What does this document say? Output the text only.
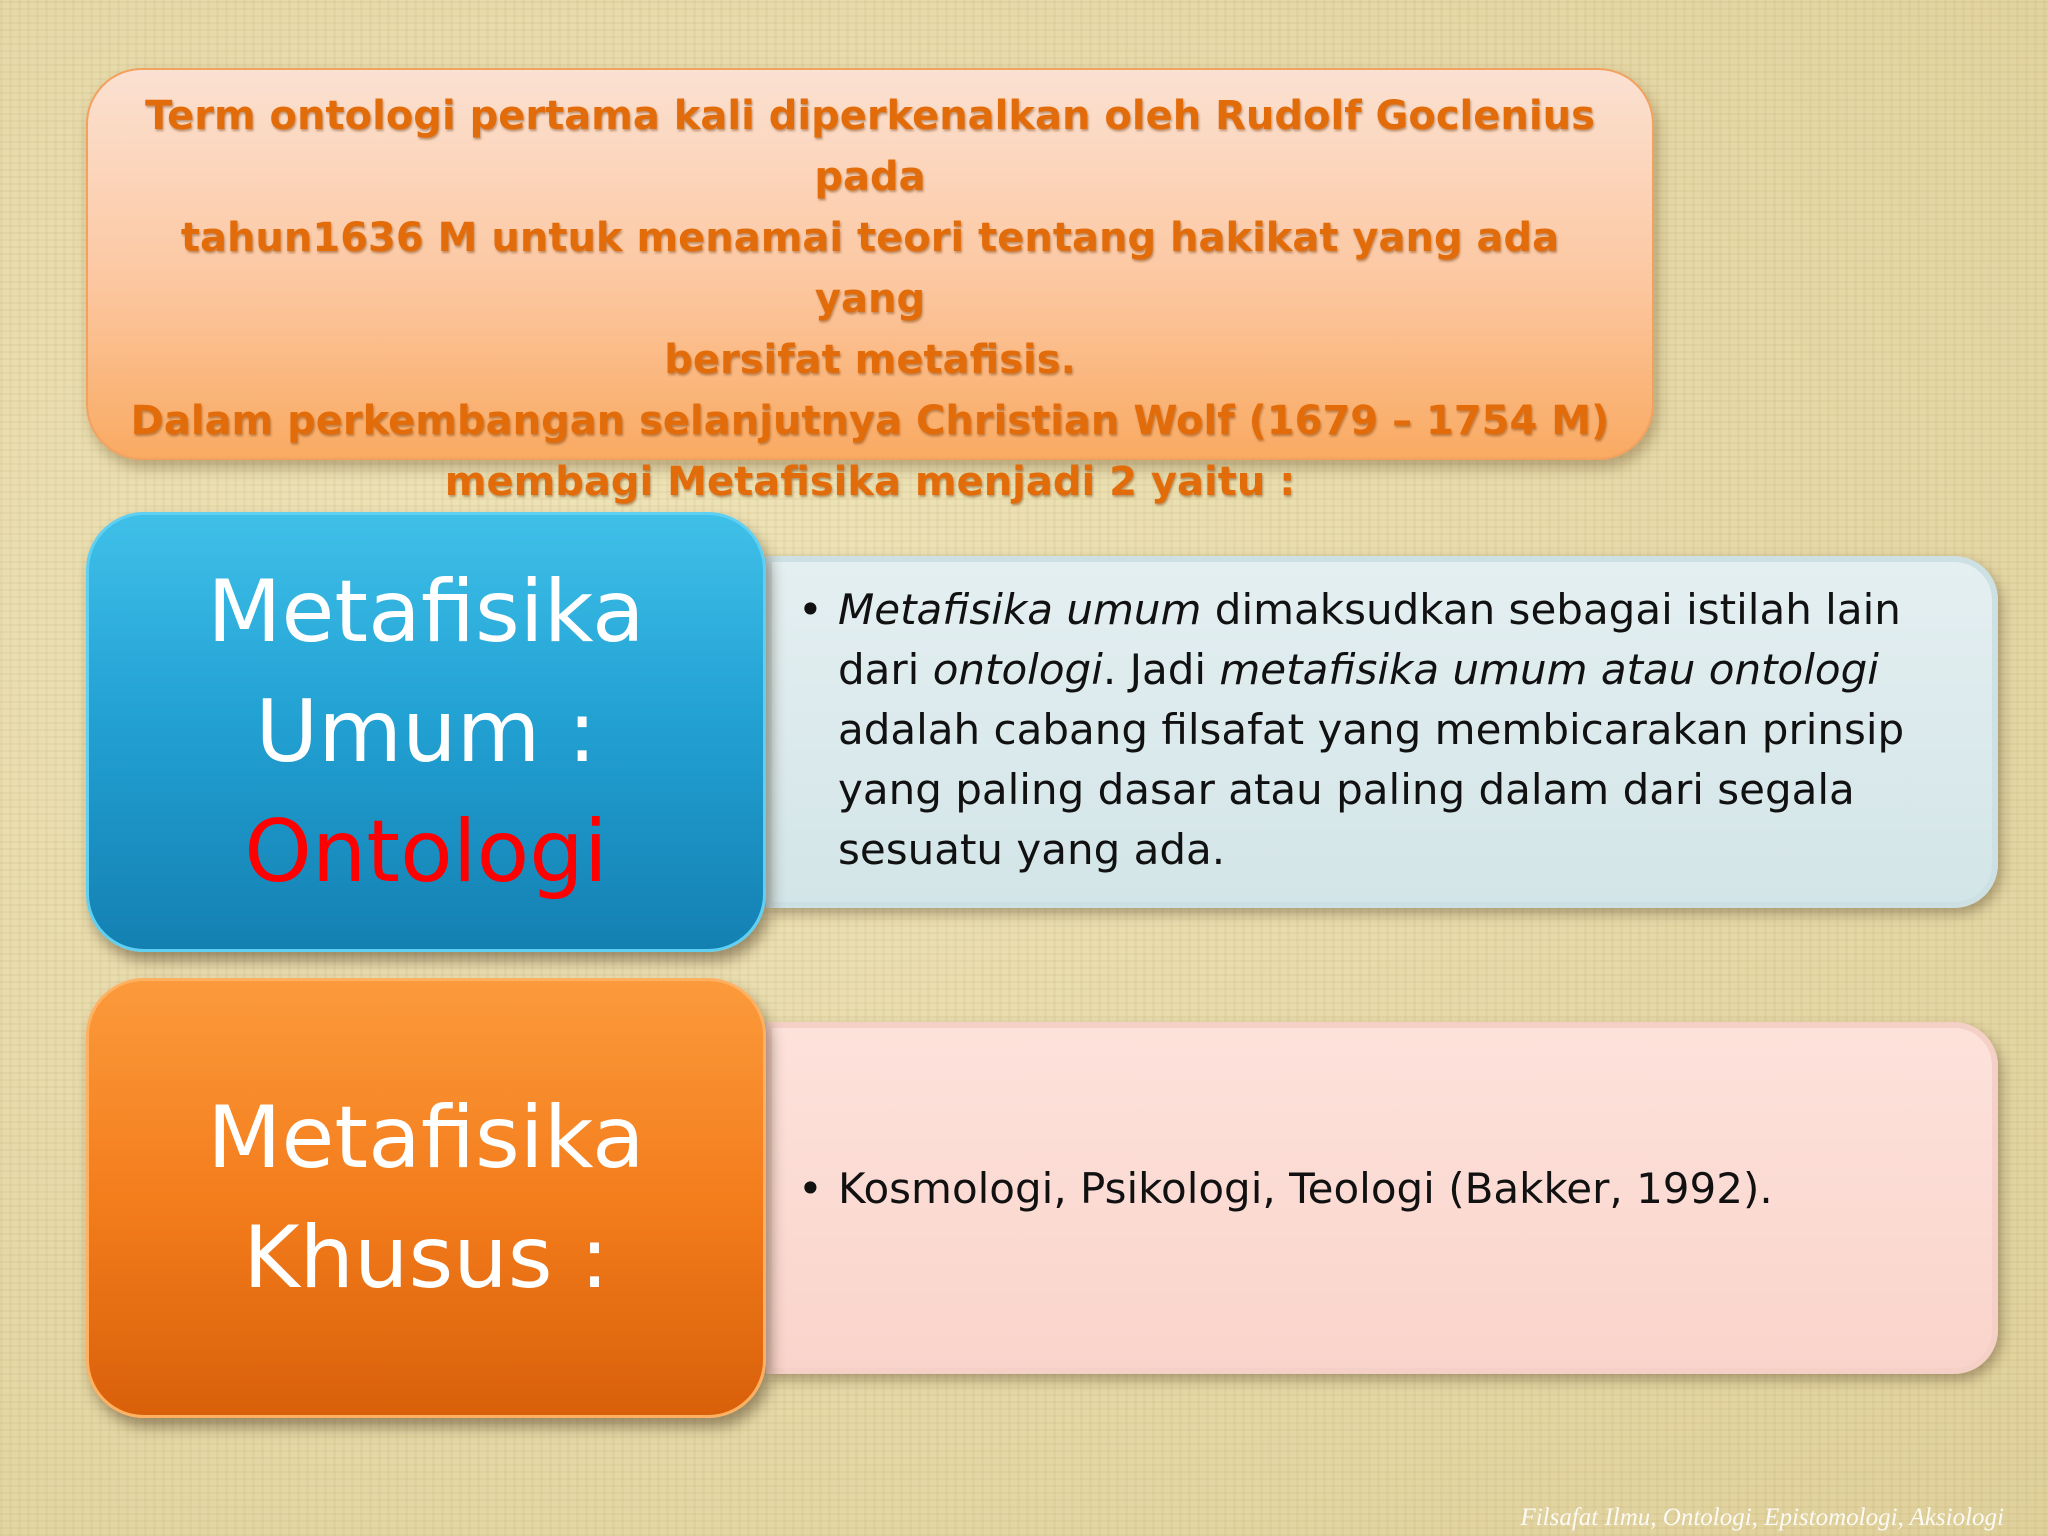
Term ontologi pertama kali diperkenalkan oleh Rudolf Goclenius pada
tahun1636 M untuk menamai teori tentang hakikat yang ada yang
bersifat metafisis.
Dalam perkembangan selanjutnya Christian Wolf (1679 – 1754 M)
membagi Metafisika menjadi 2 yaitu :

• Metafisika umum dimaksudkan sebagai istilah lain dari ontologi. Jadi metafisika umum atau ontologi adalah cabang filsafat yang membicarakan prinsip yang paling dasar atau paling dalam dari segala sesuatu yang ada.
Metafisika
Umum :
Ontologi
• Kosmologi, Psikologi, Teologi (Bakker, 1992).
Metafisika
Khusus :
Filsafat Ilmu, Ontologi, Epistomologi, Aksiologi
